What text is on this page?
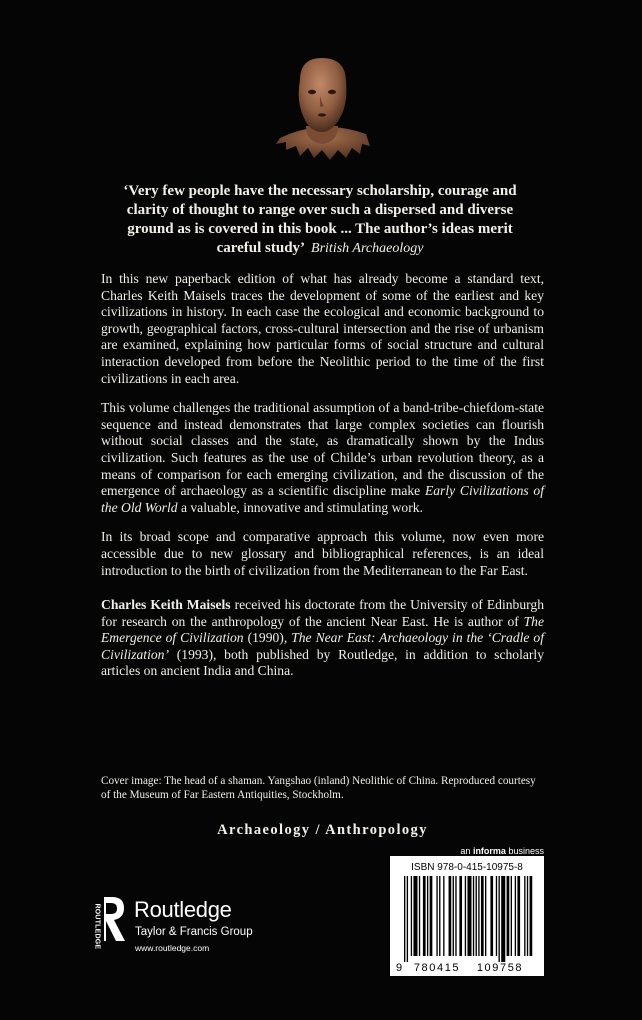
‘Very few people have the necessary scholarship, courage and clarity of thought to range over such a dispersed and diverse ground as is covered in this book ... The author’s ideas merit careful study’ British Archaeology

In this new paperback edition of what has already become a standard text, Charles Keith Maisels traces the development of some of the earliest and key civilizations in history. In each case the ecological and economic background to growth, geographical factors, cross-cultural intersection and the rise of urbanism are examined, explaining how particular forms of social structure and cultural interaction developed from before the Neolithic period to the time of the first civilizations in each area.

This volume challenges the traditional assumption of a band-tribe-chiefdom-state sequence and instead demonstrates that large complex societies can flourish without social classes and the state, as dramatically shown by the Indus civilization. Such features as the use of Childe’s urban revolution theory, as a means of comparison for each emerging civilization, and the discussion of the emergence of archaeology as a scientific discipline make Early Civilizations of the Old World a valuable, innovative and stimulating work.

In its broad scope and comparative approach this volume, now even more accessible due to new glossary and bibliographical references, is an ideal introduction to the birth of civilization from the Mediterranean to the Far East.

Charles Keith Maisels received his doctorate from the University of Edinburgh for research on the anthropology of the ancient Near East. He is author of The Emergence of Civilization (1990), The Near East: Archaeology in the ‘Cradle of Civilization’ (1993), both published by Routledge, in addition to scholarly articles on ancient India and China.

Cover image: The head of a shaman. Yangshao (inland) Neolithic of China. Reproduced courtesy of the Museum of Far Eastern Antiquities, Stockholm.

Archaeology / Anthropology
an informa business
ISBN 978-0-415-10975-8
9 780415 109758
ROUTLEDGE Routledge
Taylor & Francis Group
www.routledge.com
